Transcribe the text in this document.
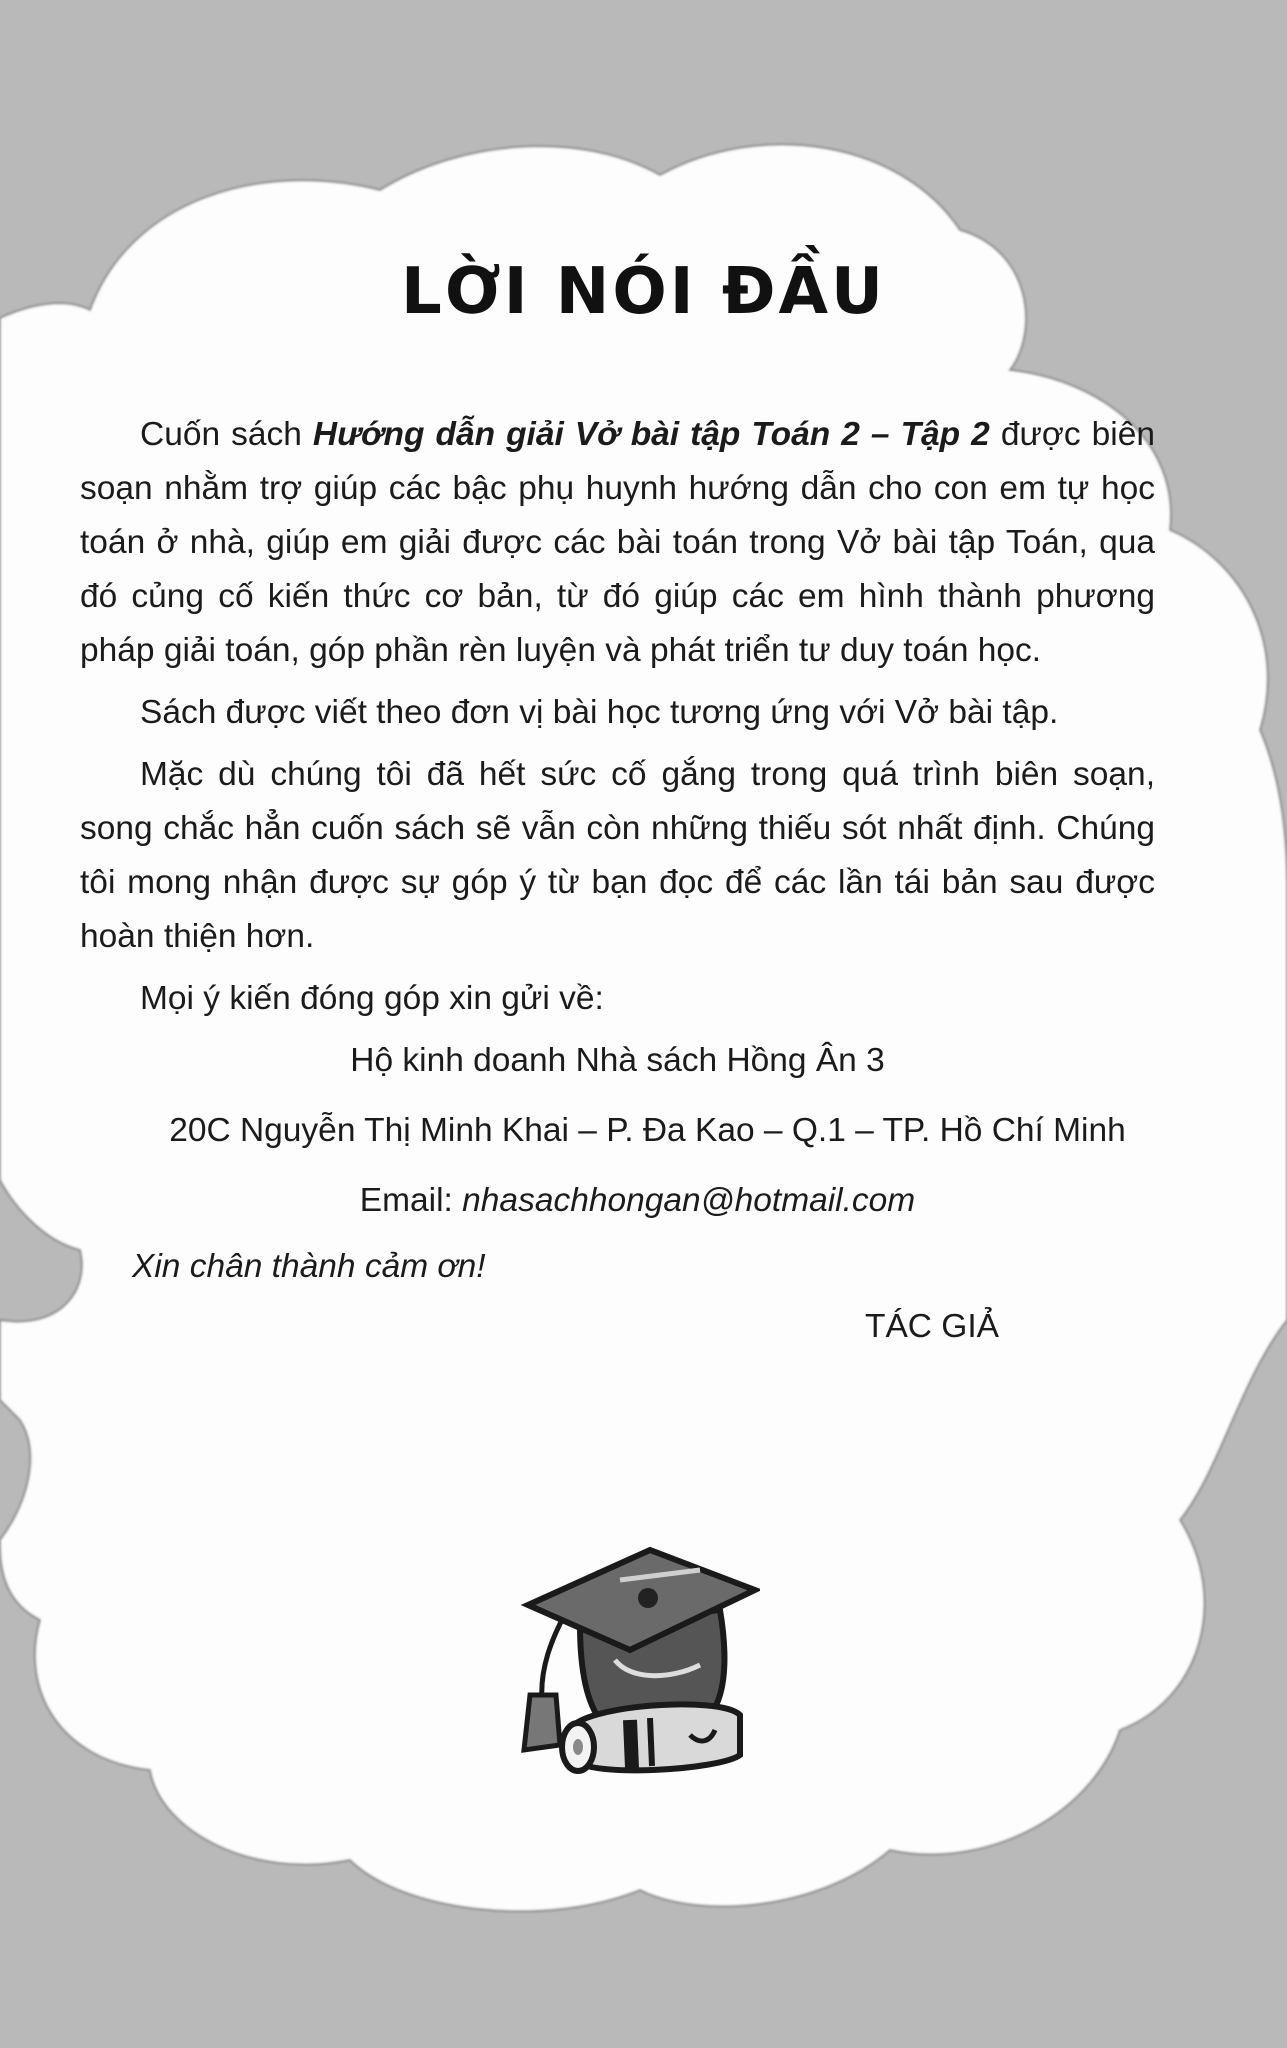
LỜI NÓI ĐẦU

Cuốn sách Hướng dẫn giải Vở bài tập Toán 2 – Tập 2 được biên soạn nhằm trợ giúp các bậc phụ huynh hướng dẫn cho con em tự học toán ở nhà, giúp em giải được các bài toán trong Vở bài tập Toán, qua đó củng cố kiến thức cơ bản, từ đó giúp các em hình thành phương pháp giải toán, góp phần rèn luyện và phát triển tư duy toán học.

Sách được viết theo đơn vị bài học tương ứng với Vở bài tập.

Mặc dù chúng tôi đã hết sức cố gắng trong quá trình biên soạn, song chắc hẳn cuốn sách sẽ vẫn còn những thiếu sót nhất định. Chúng tôi mong nhận được sự góp ý từ bạn đọc để các lần tái bản sau được hoàn thiện hơn.

Mọi ý kiến đóng góp xin gửi về:

Hộ kinh doanh Nhà sách Hồng Ân 3

20C Nguyễn Thị Minh Khai – P. Đa Kao – Q.1 – TP. Hồ Chí Minh

Email: nhasachhongan@hotmail.com

Xin chân thành cảm ơn!

TÁC GIẢ
